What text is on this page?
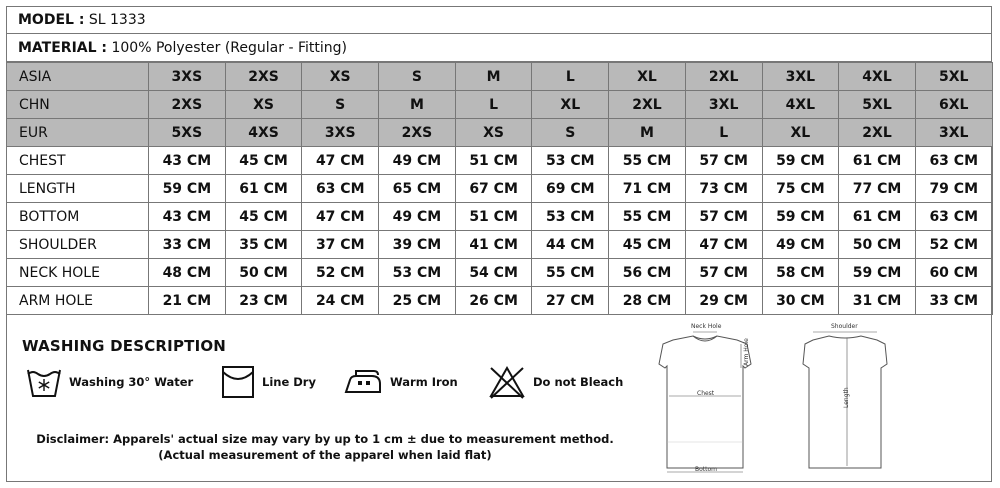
MODEL : SL 1333
MATERIAL : 100% Polyester (Regular - Fitting)
ASIA	3XS	2XS	XS	S	M	L	XL	2XL	3XL	4XL	5XL
CHN	2XS	XS	S	M	L	XL	2XL	3XL	4XL	5XL	6XL
EUR	5XS	4XS	3XS	2XS	XS	S	M	L	XL	2XL	3XL
CHEST	43 CM	45 CM	47 CM	49 CM	51 CM	53 CM	55 CM	57 CM	59 CM	61 CM	63 CM
LENGTH	59 CM	61 CM	63 CM	65 CM	67 CM	69 CM	71 CM	73 CM	75 CM	77 CM	79 CM
BOTTOM	43 CM	45 CM	47 CM	49 CM	51 CM	53 CM	55 CM	57 CM	59 CM	61 CM	63 CM
SHOULDER	33 CM	35 CM	37 CM	39 CM	41 CM	44 CM	45 CM	47 CM	49 CM	50 CM	52 CM
NECK HOLE	48 CM	50 CM	52 CM	53 CM	54 CM	55 CM	56 CM	57 CM	58 CM	59 CM	60 CM
ARM HOLE	21 CM	23 CM	24 CM	25 CM	26 CM	27 CM	28 CM	29 CM	30 CM	31 CM	33 CM
WASHING DESCRIPTION
Washing 30° Water	Line Dry	Warm Iron	Do not Bleach
Disclaimer: Apparels' actual size may vary by up to 1 cm ± due to measurement method.
(Actual measurement of the apparel when laid flat)
Neck Hole
Arm Hole
Chest
Bottom
Shoulder
Length
